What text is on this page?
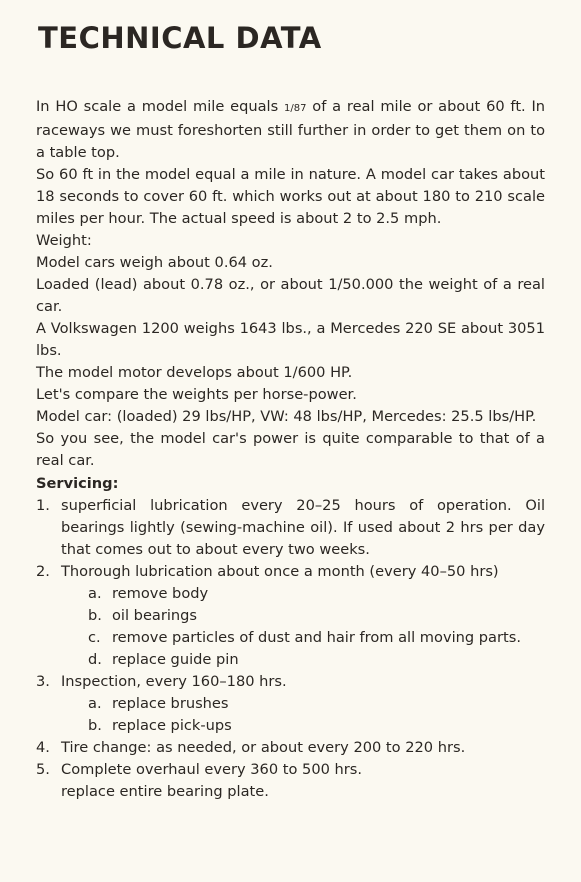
TECHNICAL DATA

In HO scale a model mile equals 1/87 of a real mile or about 60 ft. In raceways we must foreshorten still further in order to get them on to a table top.

So 60 ft in the model equal a mile in nature. A model car takes about 18 seconds to cover 60 ft. which works out at about 180 to 210 scale miles per hour. The actual speed is about 2 to 2.5 mph.

Weight:

Model cars weigh about 0.64 oz.

Loaded (lead) about 0.78 oz., or about 1/50.000 the weight of a real car.

A Volkswagen 1200 weighs 1643 lbs., a Mercedes 220 SE about 3051 lbs.

The model motor develops about 1/600 HP.

Let's compare the weights per horse-power.

Model car: (loaded) 29 lbs/HP, VW: 48 lbs/HP, Mercedes: 25.5 lbs/HP.

So you see, the model car's power is quite comparable to that of a real car.

Servicing:
1. superficial lubrication every 20–25 hours of operation. Oil bearings lightly (sewing-machine oil). If used about 2 hrs per day that comes out to about every two weeks.
2. Thorough lubrication about once a month (every 40–50 hrs)
a. remove body
b. oil bearings
c. remove particles of dust and hair from all moving parts.
d. replace guide pin
3. Inspection, every 160–180 hrs.
a. replace brushes
b. replace pick-ups
4. Tire change: as needed, or about every 200 to 220 hrs.
5. Complete overhaul every 360 to 500 hrs.
replace entire bearing plate.
